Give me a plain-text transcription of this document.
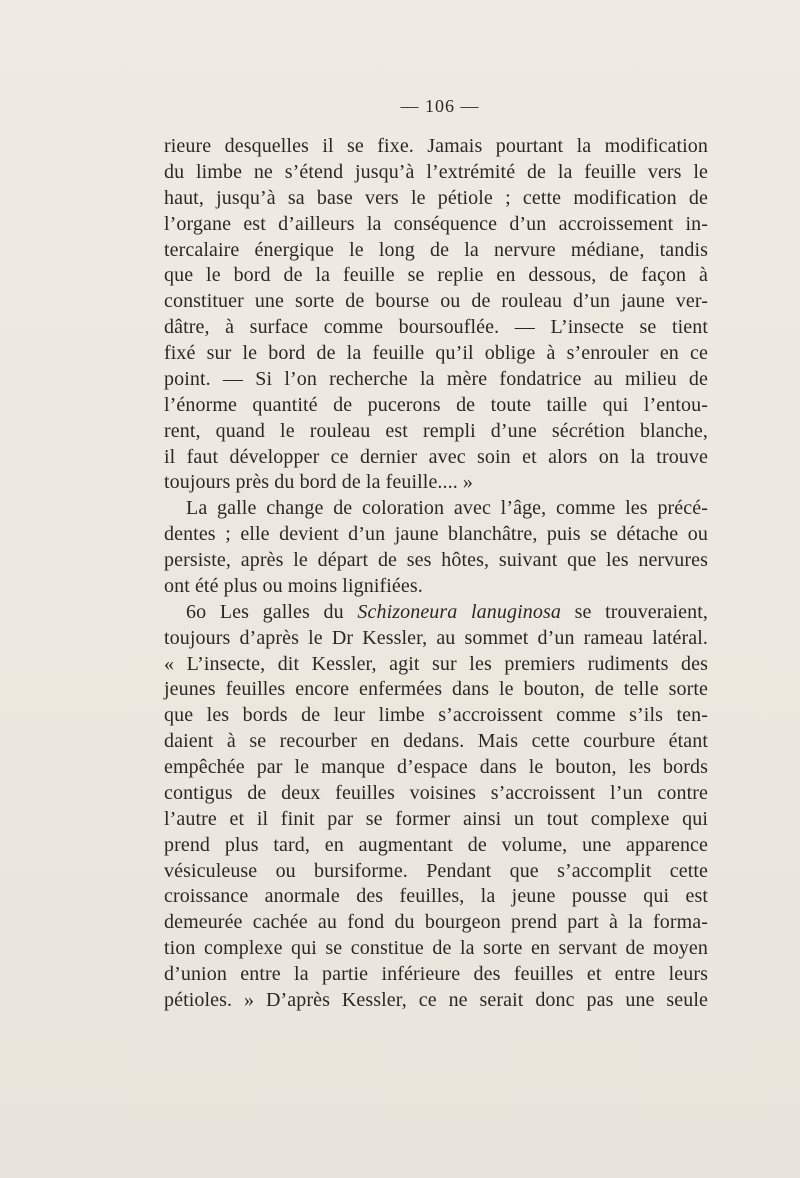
— 106 —
rieure desquelles il se fixe. Jamais pourtant la modification
du limbe ne s’étend jusqu’à l’extrémité de la feuille vers le
haut, jusqu’à sa base vers le pétiole ; cette modification de
l’organe est d’ailleurs la conséquence d’un accroissement in-
tercalaire énergique le long de la nervure médiane, tandis
que le bord de la feuille se replie en dessous, de façon à
constituer une sorte de bourse ou de rouleau d’un jaune ver-
dâtre, à surface comme boursouflée. — L’insecte se tient
fixé sur le bord de la feuille qu’il oblige à s’enrouler en ce
point. — Si l’on recherche la mère fondatrice au milieu de
l’énorme quantité de pucerons de toute taille qui l’entou-
rent, quand le rouleau est rempli d’une sécrétion blanche,
il faut développer ce dernier avec soin et alors on la trouve
toujours près du bord de la feuille.... »
La galle change de coloration avec l’âge, comme les précé-
dentes ; elle devient d’un jaune blanchâtre, puis se détache ou
persiste, après le départ de ses hôtes, suivant que les nervures
ont été plus ou moins lignifiées.
6o Les galles du Schizoneura lanuginosa se trouveraient,
toujours d’après le Dr Kessler, au sommet d’un rameau latéral.
« L’insecte, dit Kessler, agit sur les premiers rudiments des
jeunes feuilles encore enfermées dans le bouton, de telle sorte
que les bords de leur limbe s’accroissent comme s’ils ten-
daient à se recourber en dedans. Mais cette courbure étant
empêchée par le manque d’espace dans le bouton, les bords
contigus de deux feuilles voisines s’accroissent l’un contre
l’autre et il finit par se former ainsi un tout complexe qui
prend plus tard, en augmentant de volume, une apparence
vésiculeuse ou bursiforme. Pendant que s’accomplit cette
croissance anormale des feuilles, la jeune pousse qui est
demeurée cachée au fond du bourgeon prend part à la forma-
tion complexe qui se constitue de la sorte en servant de moyen
d’union entre la partie inférieure des feuilles et entre leurs
pétioles. » D’après Kessler, ce ne serait donc pas une seule
